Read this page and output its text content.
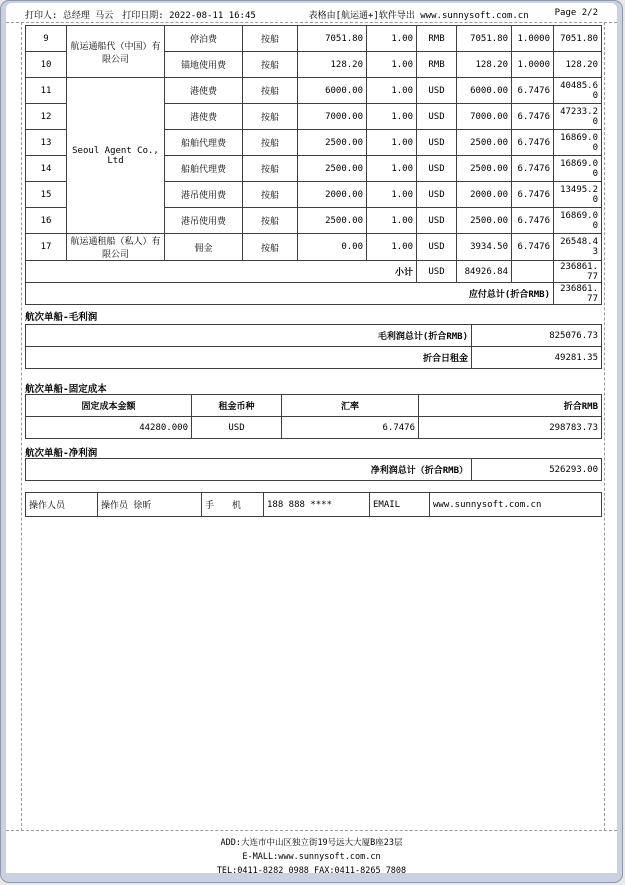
打印人: 总经理 马云　打印日期: 2022-08-11 16:45	表格由[航运通+]软件导出 www.sunnysoft.com.cn	Page 2/2
9	航运通船代（中国）有限公司	停泊费	按船	7051.80	1.00	RMB	7051.80	1.0000	7051.80
10		锚地使用费	按船	128.20	1.00	RMB	128.20	1.0000	128.20
11	Seoul Agent Co.,Ltd	港使费	按船	6000.00	1.00	USD	6000.00	6.7476	40485.60
12		港使费	按船	7000.00	1.00	USD	7000.00	6.7476	47233.20
13		船舶代理费	按船	2500.00	1.00	USD	2500.00	6.7476	16869.00
14		船舶代理费	按船	2500.00	1.00	USD	2500.00	6.7476	16869.00
15		港吊使用费	按船	2000.00	1.00	USD	2000.00	6.7476	13495.20
16		港吊使用费	按船	2500.00	1.00	USD	2500.00	6.7476	16869.00
17	航运通租船（私人）有限公司	佣金	按船	0.00	1.00	USD	3934.50	6.7476	26548.43
小计						USD	84926.84		236861.77
应付总计(折合RMB)									236861.77
航次单船-毛利润
毛利润总计(折合RMB)	825076.73
折合日租金	49281.35
航次单船-固定成本
固定成本金额	租金币种	汇率	折合RMB
44280.000	USD	6.7476	298783.73
航次单船-净利润
净利润总计（折合RMB）	526293.00
操作人员	操作员 徐昕	手　　机	188 888 ****	EMAIL	www.sunnysoft.com.cn
ADD:大连市中山区独立街19号远大大厦B座23层
E-MALL:www.sunnysoft.com.cn
TEL:0411-8282 0988 FAX:0411-8265 7808
